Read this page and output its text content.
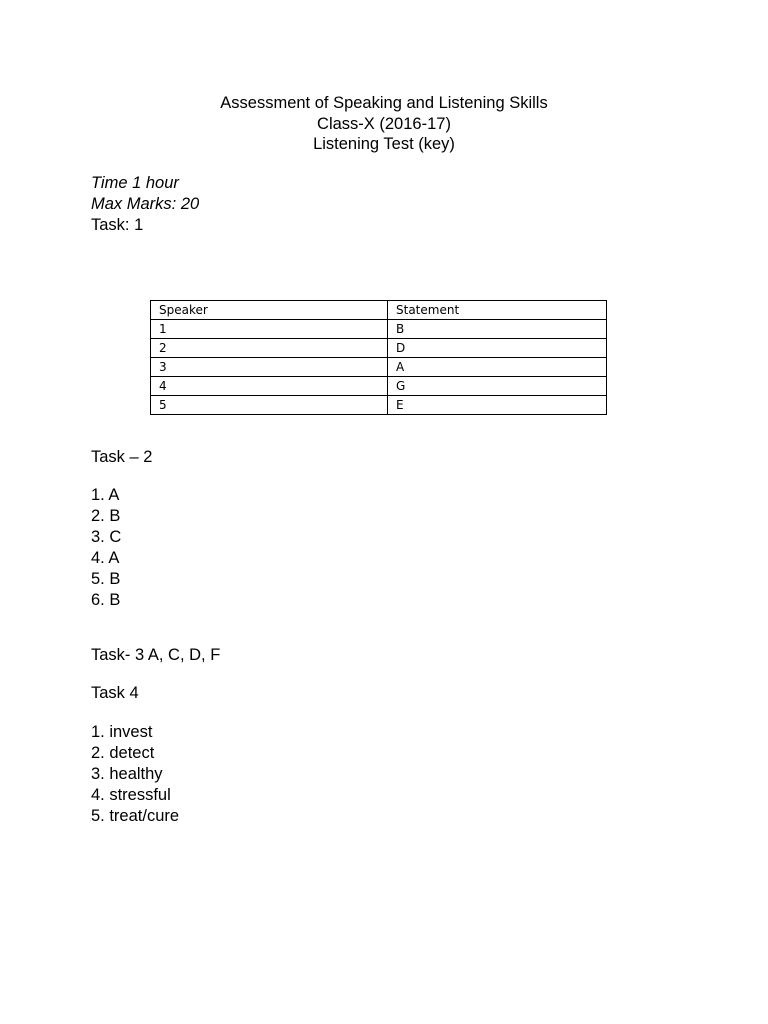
Assessment of Speaking and Listening Skills
Class-X (2016-17)
Listening Test (key)
Time 1 hour
Max Marks: 20
Task: 1
Speaker	Statement
1	B
2	D
3	A
4	G
5	E
Task – 2
1. A
2. B
3. C
4. A
5. B
6. B
Task- 3 A, C, D, F
Task 4
1. invest
2. detect
3. healthy
4. stressful
5. treat/cure
